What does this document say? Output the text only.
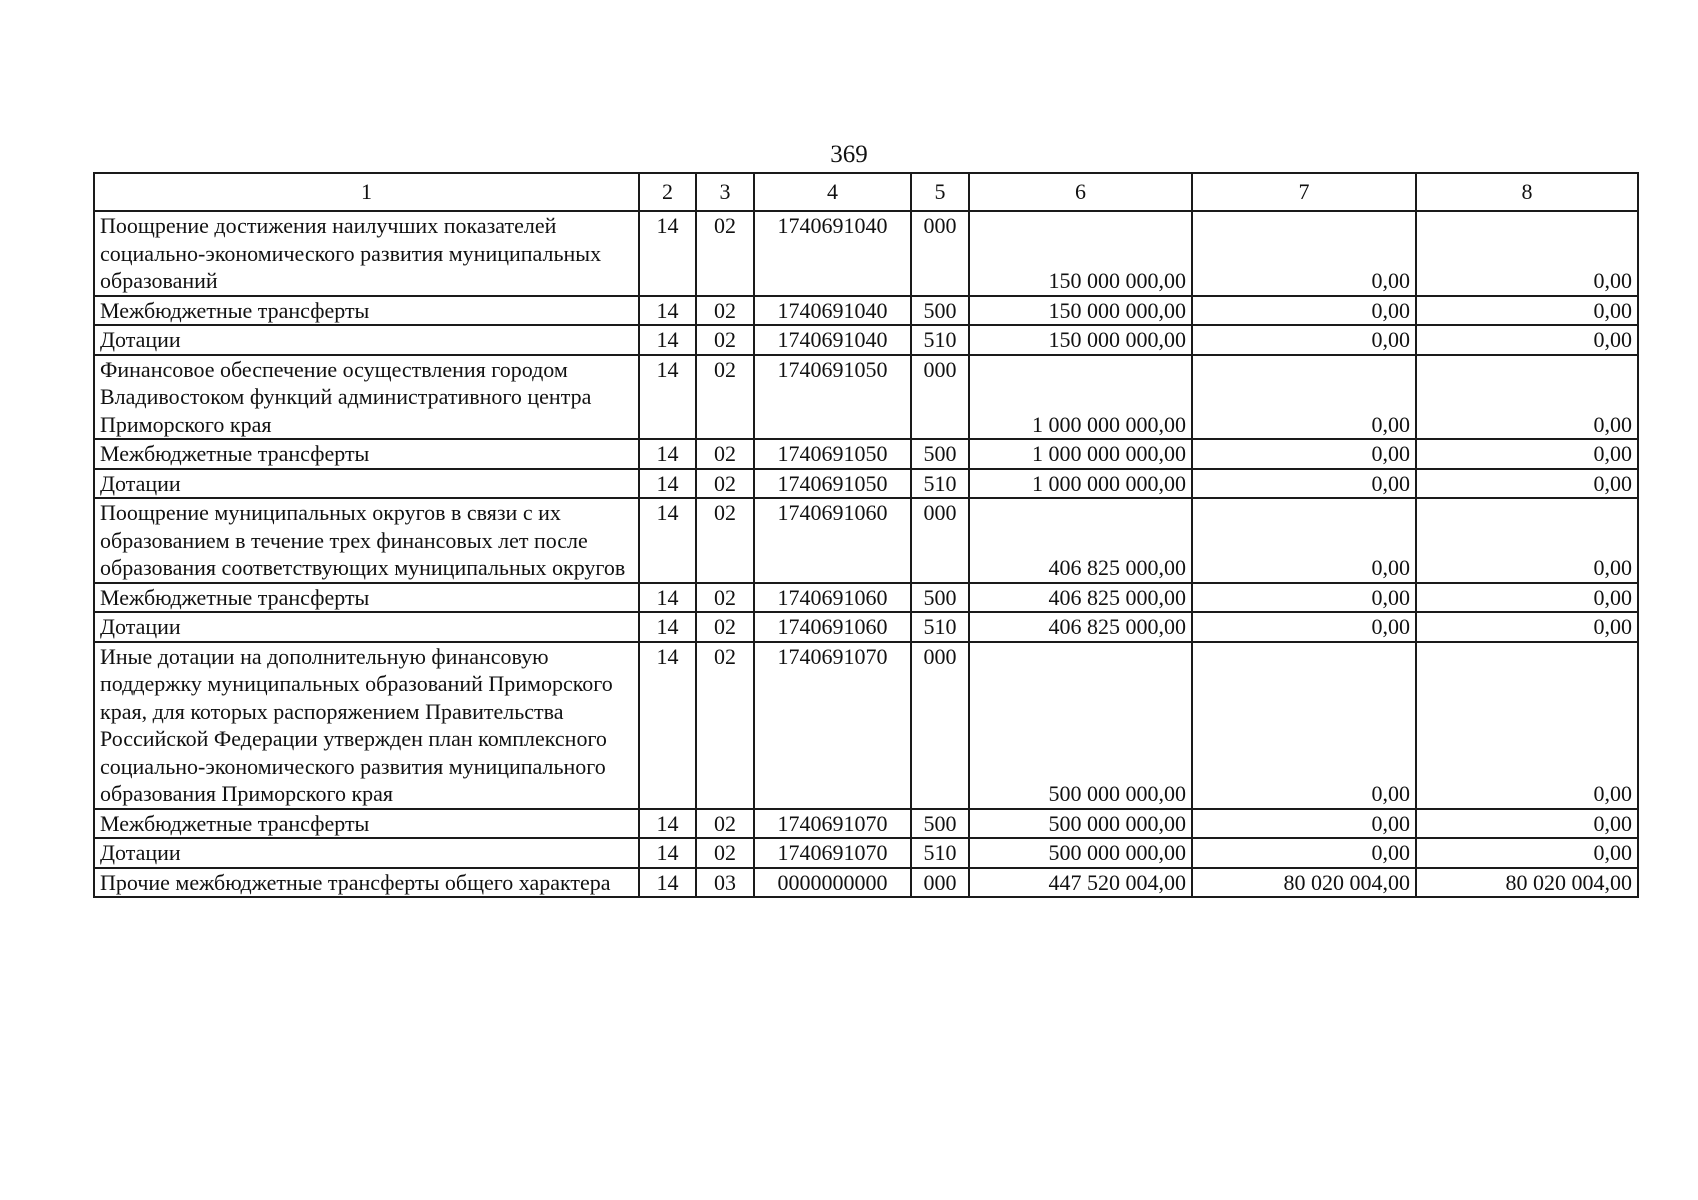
369
1	2	3	4	5	6	7	8
Поощрение достижения наилучших показателей социально-экономического развития муниципальных образований	14	02	1740691040	000	150 000 000,00	0,00	0,00
Межбюджетные трансферты	14	02	1740691040	500	150 000 000,00	0,00	0,00
Дотации	14	02	1740691040	510	150 000 000,00	0,00	0,00
Финансовое обеспечение осуществления городом Владивостоком функций административного центра Приморского края	14	02	1740691050	000	1 000 000 000,00	0,00	0,00
Межбюджетные трансферты	14	02	1740691050	500	1 000 000 000,00	0,00	0,00
Дотации	14	02	1740691050	510	1 000 000 000,00	0,00	0,00
Поощрение муниципальных округов в связи с их образованием в течение трех финансовых лет после образования соответствующих муниципальных округов	14	02	1740691060	000	406 825 000,00	0,00	0,00
Межбюджетные трансферты	14	02	1740691060	500	406 825 000,00	0,00	0,00
Дотации	14	02	1740691060	510	406 825 000,00	0,00	0,00
Иные дотации на дополнительную финансовую поддержку муниципальных образований Приморского края, для которых распоряжением Правительства Российской Федерации утвержден план комплексного социально-экономического развития муниципального образования Приморского края	14	02	1740691070	000	500 000 000,00	0,00	0,00
Межбюджетные трансферты	14	02	1740691070	500	500 000 000,00	0,00	0,00
Дотации	14	02	1740691070	510	500 000 000,00	0,00	0,00
Прочие межбюджетные трансферты общего характера	14	03	0000000000	000	447 520 004,00	80 020 004,00	80 020 004,00
